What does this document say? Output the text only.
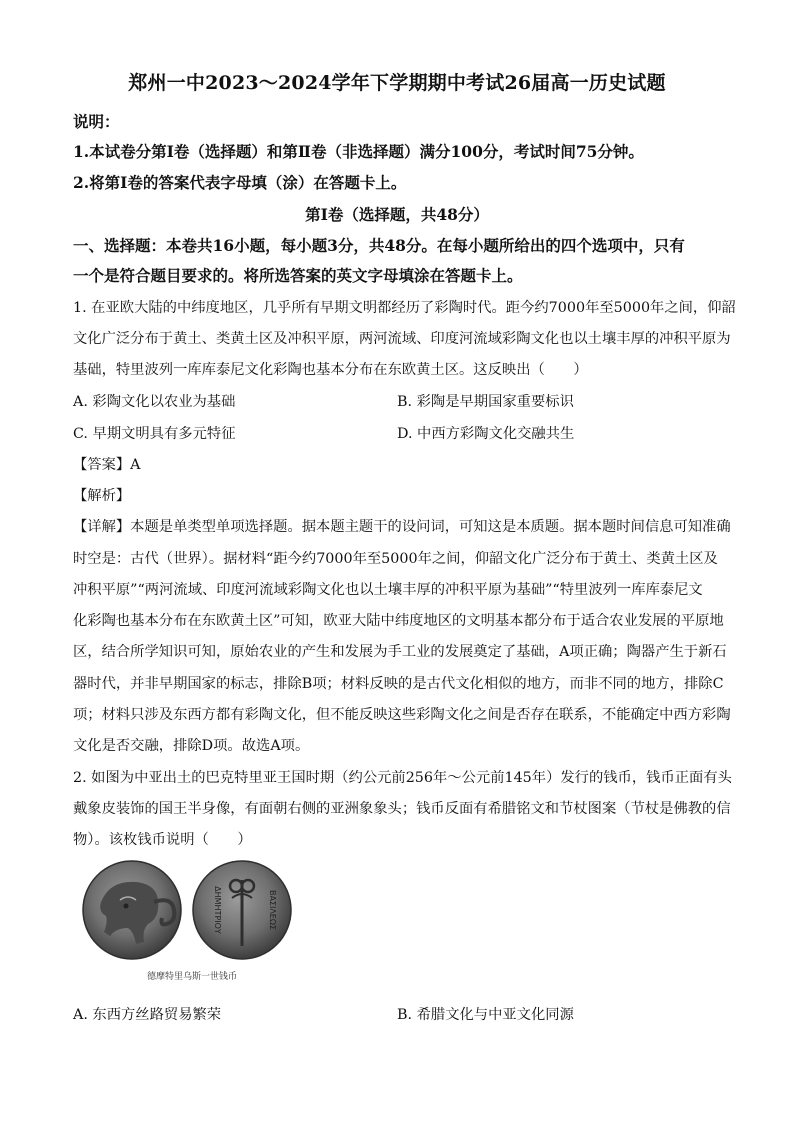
郑州一中2023～2024学年下学期期中考试26届高一历史试题
说明：
1.本试卷分第Ⅰ卷（选择题）和第Ⅱ卷（非选择题）满分100分，考试时间75分钟。
2.将第Ⅰ卷的答案代表字母填（涂）在答题卡上。
第Ⅰ卷（选择题，共48分）
一、选择题：本卷共16小题，每小题3分，共48分。在每小题所给出的四个选项中，只有
一个是符合题目要求的。将所选答案的英文字母填涂在答题卡上。
1. 在亚欧大陆的中纬度地区，几乎所有早期文明都经历了彩陶时代。距今约7000年至5000年之间，仰韶
文化广泛分布于黄土、类黄土区及冲积平原，两河流域、印度河流域彩陶文化也以土壤丰厚的冲积平原为
基础，特里波列一库库泰尼文化彩陶也基本分布在东欧黄土区。这反映出（　　）
A. 彩陶文化以农业为基础	B. 彩陶是早期国家重要标识
C. 早期文明具有多元特征	D. 中西方彩陶文化交融共生
【答案】A
【解析】
【详解】本题是单类型单项选择题。据本题主题干的设问词，可知这是本质题。据本题时间信息可知准确
时空是：古代（世界）。据材料“距今约7000年至5000年之间，仰韶文化广泛分布于黄土、类黄土区及
冲积平原”“两河流域、印度河流域彩陶文化也以土壤丰厚的冲积平原为基础”“特里波列一库库泰尼文
化彩陶也基本分布在东欧黄土区”可知，欧亚大陆中纬度地区的文明基本都分布于适合农业发展的平原地
区，结合所学知识可知，原始农业的产生和发展为手工业的发展奠定了基础，A项正确；陶器产生于新石
器时代，并非早期国家的标志，排除B项；材料反映的是古代文化相似的地方，而非不同的地方，排除C
项；材料只涉及东西方都有彩陶文化，但不能反映这些彩陶文化之间是否存在联系，不能确定中西方彩陶
文化是否交融，排除D项。故选A项。
2. 如图为中亚出土的巴克特里亚王国时期（约公元前256年～公元前145年）发行的钱币，钱币正面有头
戴象皮装饰的国王半身像，有面朝右侧的亚洲象象头；钱币反面有希腊铭文和节杖图案（节杖是佛教的信
物）。该枚钱币说明（　　）
ΒΑΣΙΛΕΩΣ
ΔΗΜΗΤΡΙΟΥ
德摩特里乌斯一世钱币
A. 东西方丝路贸易繁荣	B. 希腊文化与中亚文化同源
